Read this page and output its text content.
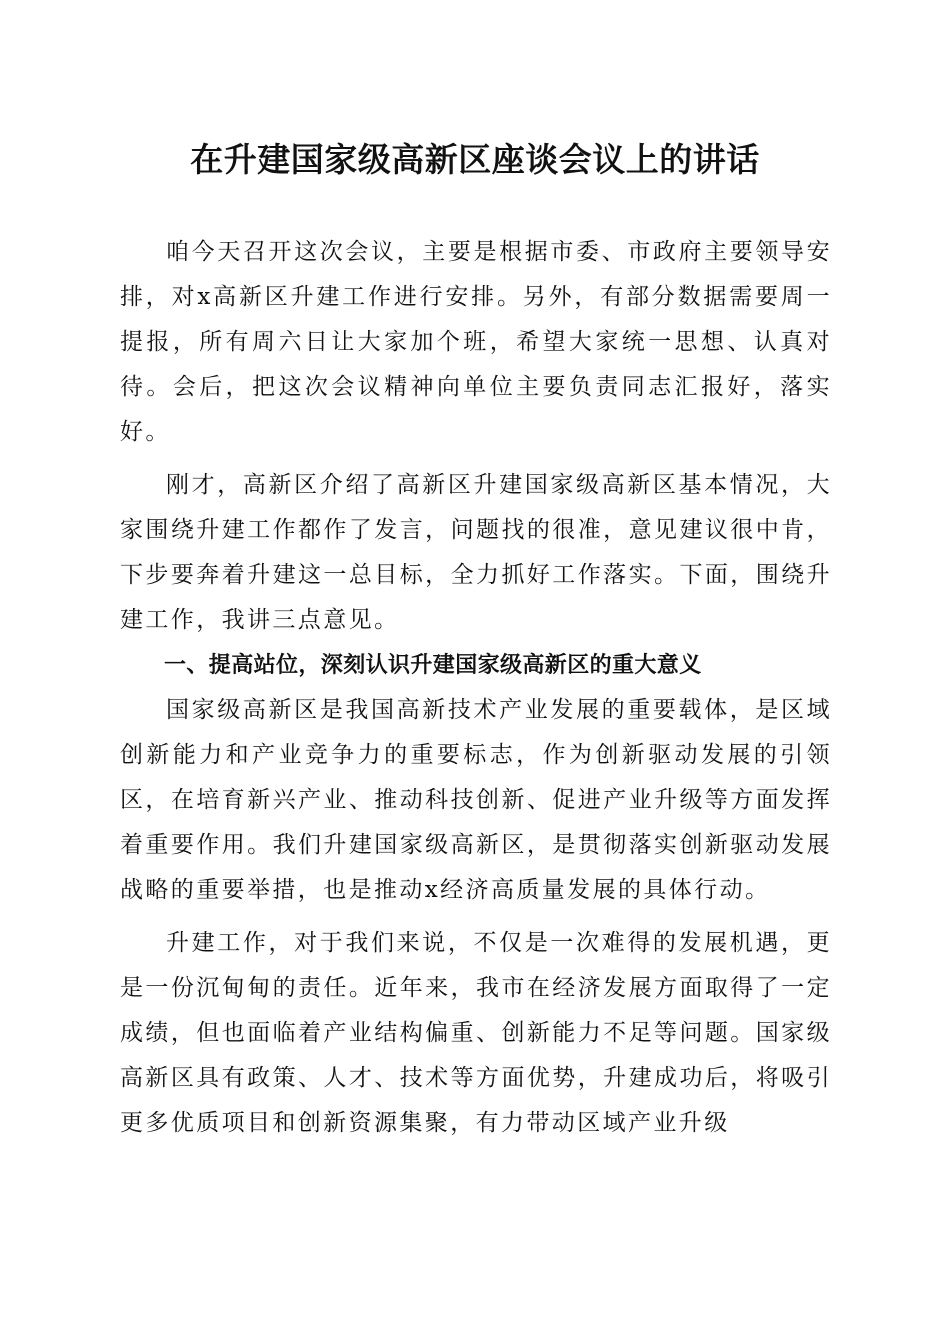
在升建国家级高新区座谈会议上的讲话

咱今天召开这次会议，主要是根据市委、市政府主要领导安排，对x高新区升建工作进行安排。另外，有部分数据需要周一提报，所有周六日让大家加个班，希望大家统一思想、认真对待。会后，把这次会议精神向单位主要负责同志汇报好，落实好。

刚才，高新区介绍了高新区升建国家级高新区基本情况，大家围绕升建工作都作了发言，问题找的很准，意见建议很中肯，下步要奔着升建这一总目标，全力抓好工作落实。下面，围绕升建工作，我讲三点意见。

一、提高站位，深刻认识升建国家级高新区的重大意义

国家级高新区是我国高新技术产业发展的重要载体，是区域创新能力和产业竞争力的重要标志，作为创新驱动发展的引领区，在培育新兴产业、推动科技创新、促进产业升级等方面发挥着重要作用。我们升建国家级高新区，是贯彻落实创新驱动发展战略的重要举措，也是推动x经济高质量发展的具体行动。

升建工作，对于我们来说，不仅是一次难得的发展机遇，更是一份沉甸甸的责任。近年来，我市在经济发展方面取得了一定成绩，但也面临着产业结构偏重、创新能力不足等问题。国家级高新区具有政策、人才、技术等方面优势，升建成功后，将吸引更多优质项目和创新资源集聚，有力带动区域产业升级
